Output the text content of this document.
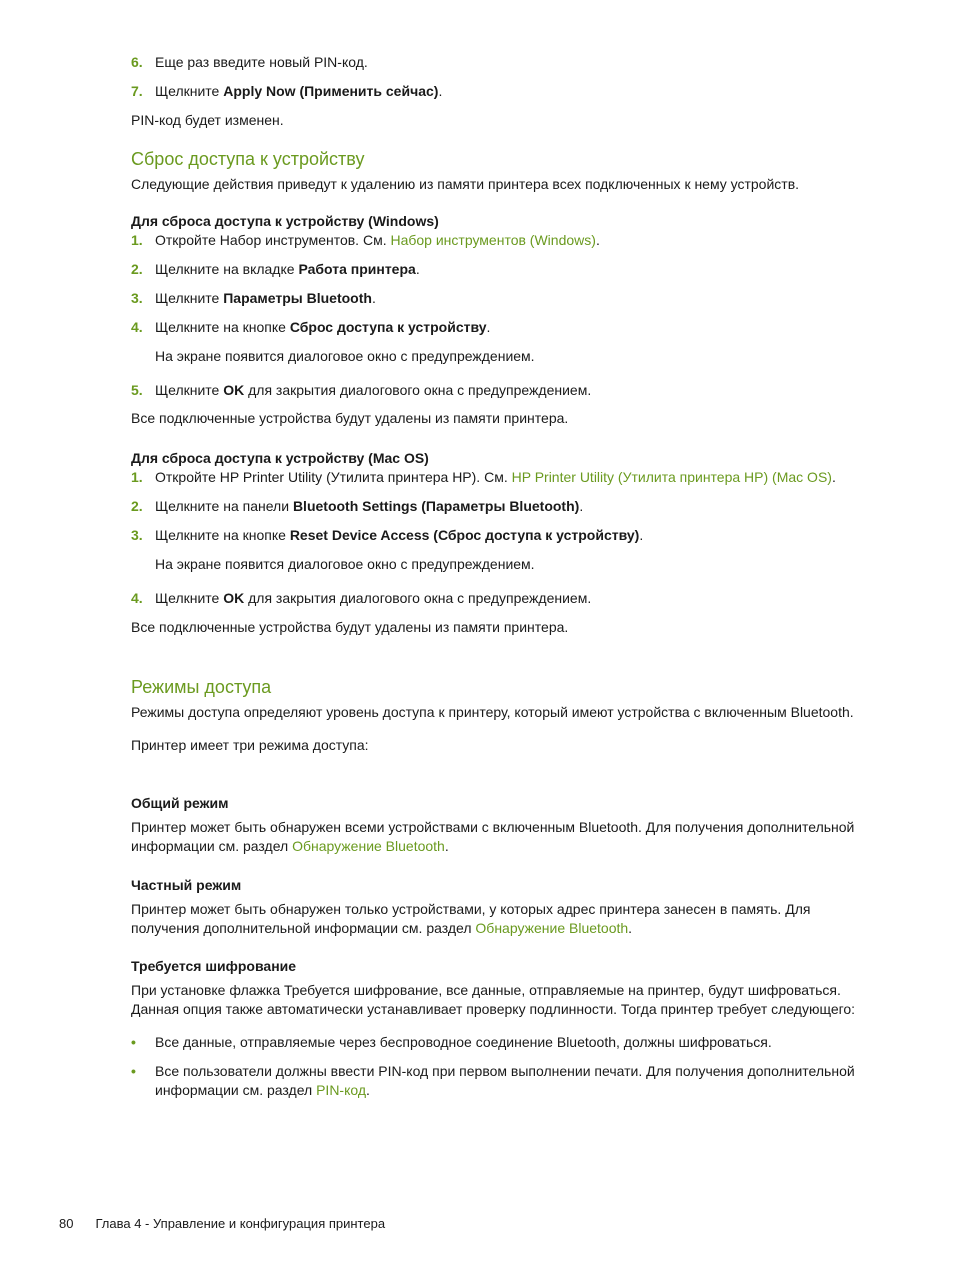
6. Еще раз введите новый PIN-код.
7. Щелкните Apply Now (Применить сейчас).

PIN-код будет изменен.

Сброс доступа к устройству

Следующие действия приведут к удалению из памяти принтера всех подключенных к нему устройств.

Для сброса доступа к устройству (Windows)
1. Откройте Набор инструментов. См. Набор инструментов (Windows).
2. Щелкните на вкладке Работа принтера.
3. Щелкните Параметры Bluetooth.
4. Щелкните на кнопке Сброс доступа к устройству.

На экране появится диалоговое окно с предупреждением.

5. Щелкните OK для закрытия диалогового окна с предупреждением.

Все подключенные устройства будут удалены из памяти принтера.

Для сброса доступа к устройству (Mac OS)
1. Откройте HP Printer Utility (Утилита принтера HP). См. HP Printer Utility (Утилита принтера HP) (Mac OS).
2. Щелкните на панели Bluetooth Settings (Параметры Bluetooth).
3. Щелкните на кнопке Reset Device Access (Сброс доступа к устройству).

На экране появится диалоговое окно с предупреждением.

4. Щелкните OK для закрытия диалогового окна с предупреждением.

Все подключенные устройства будут удалены из памяти принтера.

Режимы доступа

Режимы доступа определяют уровень доступа к принтеру, который имеют устройства с включенным Bluetooth.

Принтер имеет три режима доступа:

Общий режим

Принтер может быть обнаружен всеми устройствами с включенным Bluetooth. Для получения дополнительной информации см. раздел Обнаружение Bluetooth.

Частный режим

Принтер может быть обнаружен только устройствами, у которых адрес принтера занесен в память. Для получения дополнительной информации см. раздел Обнаружение Bluetooth.

Требуется шифрование

При установке флажка Требуется шифрование, все данные, отправляемые на принтер, будут шифроваться. Данная опция также автоматически устанавливает проверку подлинности. Тогда принтер требует следующего:

• Все данные, отправляемые через беспроводное соединение Bluetooth, должны шифроваться.
• Все пользователи должны ввести PIN-код при первом выполнении печати. Для получения дополнительной информации см. раздел PIN-код.
80 Глава 4 - Управление и конфигурация принтера
